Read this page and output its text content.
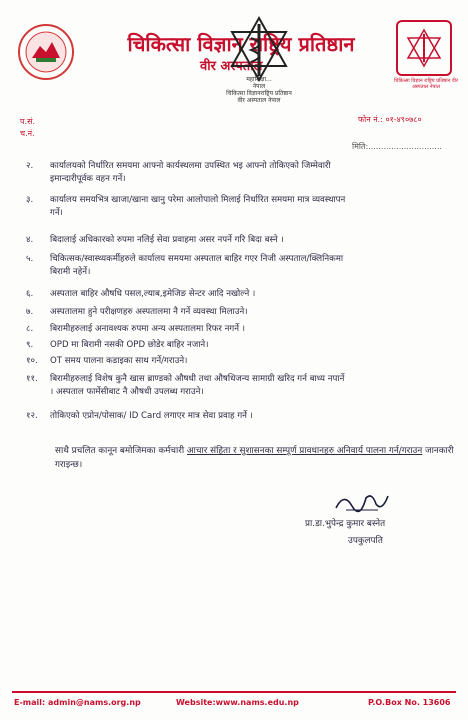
चिकित्सा विज्ञान राष्ट्रिय प्रतिष्ठान
वीर अस्पताल
महाशिक्षा...
नेपाल
चिकित्सा विज्ञानराष्ट्रिय प्रतिष्ठान
वीर अस्पताल नेपाल
चिकित्सा विज्ञान राष्ट्रिय प्रतिष्ठान वीर अस्पताल नेपाल
प.सं.
च.नं.
फोन नं.: ०१-४९०७८०
मिति:.............................
२. कार्यालयको निर्धारित समयमा आफ्नो कार्यस्थलमा उपस्थित भइ आफ्नो तोकिएको जिम्मेवारी
इमान्दारीपूर्वक वहन गर्ने।
३. कार्यालय समयभित्र खाजा/खाना खानु परेमा आलोपालो मिलाई निर्धारित समयमा मात्र व्यवस्थापन
गर्ने।
४. बिदालाई अधिकारको रुपमा नलिई सेवा प्रवाहमा असर नपर्ने गरि बिदा बस्ने ।
५. चिकित्सक/स्वास्थ्यकर्मीहरुले कार्यालय समयमा अस्पताल बाहिर गएर निजी अस्पताल/क्लिनिकमा
बिरामी नहेर्ने।
६. अस्पताल बाहिर औषधि पसल,ल्याब,इमेजिङ सेन्टर आदि नखोल्ने ।
७. अस्पतालमा हुने परीक्षणहरु अस्पतालमा नै गर्ने व्यवस्था मिलाउने।
८. बिरामीहरुलाई अनावश्यक रुपमा अन्य अस्पतालमा रिफर नगर्ने ।
९. OPD मा बिरामी नसकी OPD छोडेर बाहिर नजाने।
१०. OT समय पालना कडाइका साथ गर्ने/गराउने।
११. बिरामीहरुलाई विशेष कुनै खास ब्राण्डको औषधी तथा औषधिजन्य सामाग्री खरिद गर्न बाध्य नपार्ने
। अस्पताल फार्मेसीबाट नै औषधी उपलब्ध गराउने।
१२. तोकिएको एप्रोन/पोसाक/ ID Card लगाएर मात्र सेवा प्रवाह गर्ने ।
साथै प्रचलित कानून बमोजिमका कर्मचारी आचार संहिता र सुशासनका सम्पूर्ण प्रावधानहरु अनिवार्य पालना गर्न/गराउन जानकारी गराइन्छ।
प्रा.डा.भुपेन्द्र कुमार बस्नेत
उपकुलपति
E-mail: admin@nams.org.np	Website:www.nams.edu.np	P.O.Box No. 13606
